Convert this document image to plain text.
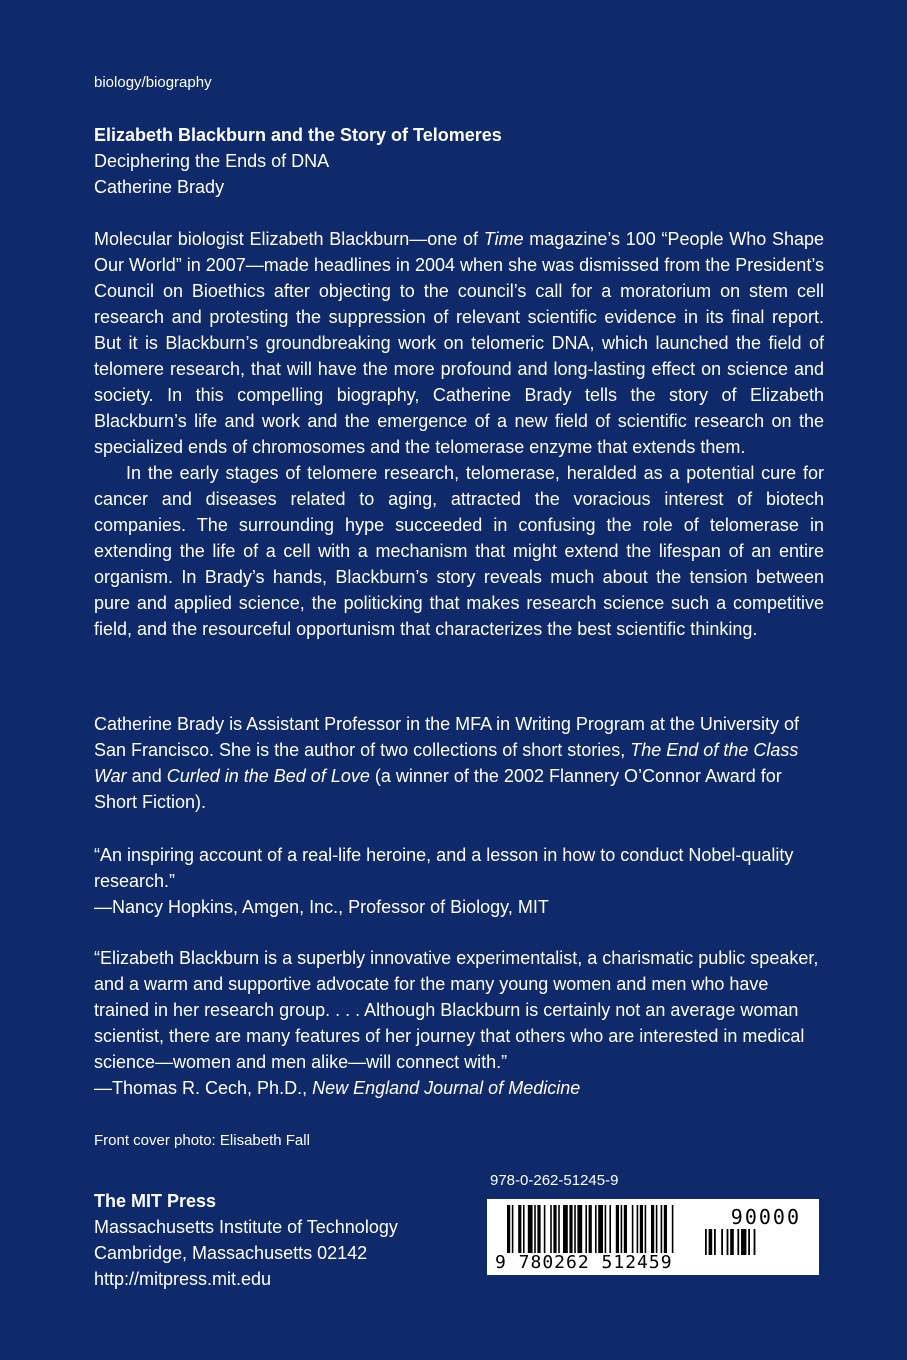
biology/biography
Elizabeth Blackburn and the Story of Telomeres
Deciphering the Ends of DNA
Catherine Brady

Molecular biologist Elizabeth Blackburn—one of Time magazine’s 100 “People Who Shape Our World” in 2007—made headlines in 2004 when she was dismissed from the President’s Council on Bioethics after objecting to the council’s call for a moratorium on stem cell research and protesting the suppression of relevant scientific evidence in its final report. But it is Blackburn’s groundbreaking work on telomeric DNA, which launched the field of telomere research, that will have the more profound and long-lasting effect on science and society. In this compelling biography, Catherine Brady tells the story of Elizabeth Blackburn’s life and work and the emergence of a new field of scientific research on the specialized ends of chromosomes and the telomerase enzyme that extends them.

In the early stages of telomere research, telomerase, heralded as a potential cure for cancer and diseases related to aging, attracted the voracious interest of biotech companies. The surrounding hype succeeded in confusing the role of telomerase in extending the life of a cell with a mechanism that might extend the lifespan of an entire organism. In Brady’s hands, Blackburn’s story reveals much about the tension between pure and applied science, the politicking that makes research science such a competitive field, and the resourceful opportunism that characterizes the best scientific thinking.

Catherine Brady is Assistant Professor in the MFA in Writing Program at the University of San Francisco. She is the author of two collections of short stories, The End of the Class War and Curled in the Bed of Love (a winner of the 2002 Flannery O’Connor Award for Short Fiction).
“An inspiring account of a real-life heroine, and a lesson in how to conduct Nobel-quality research.”
—Nancy Hopkins, Amgen, Inc., Professor of Biology, MIT
“Elizabeth Blackburn is a superbly innovative experimentalist, a charismatic public speaker, and a warm and supportive advocate for the many young women and men who have trained in her research group. . . . Although Blackburn is certainly not an average woman scientist, there are many features of her journey that others who are interested in medical science—women and men alike—will connect with.”
—Thomas R. Cech, Ph.D., New England Journal of Medicine
Front cover photo: Elisabeth Fall
The MIT Press
Massachusetts Institute of Technology
Cambridge, Massachusetts 02142
http://mitpress.mit.edu
978-0-262-51245-9
90000
9 780262 512459
